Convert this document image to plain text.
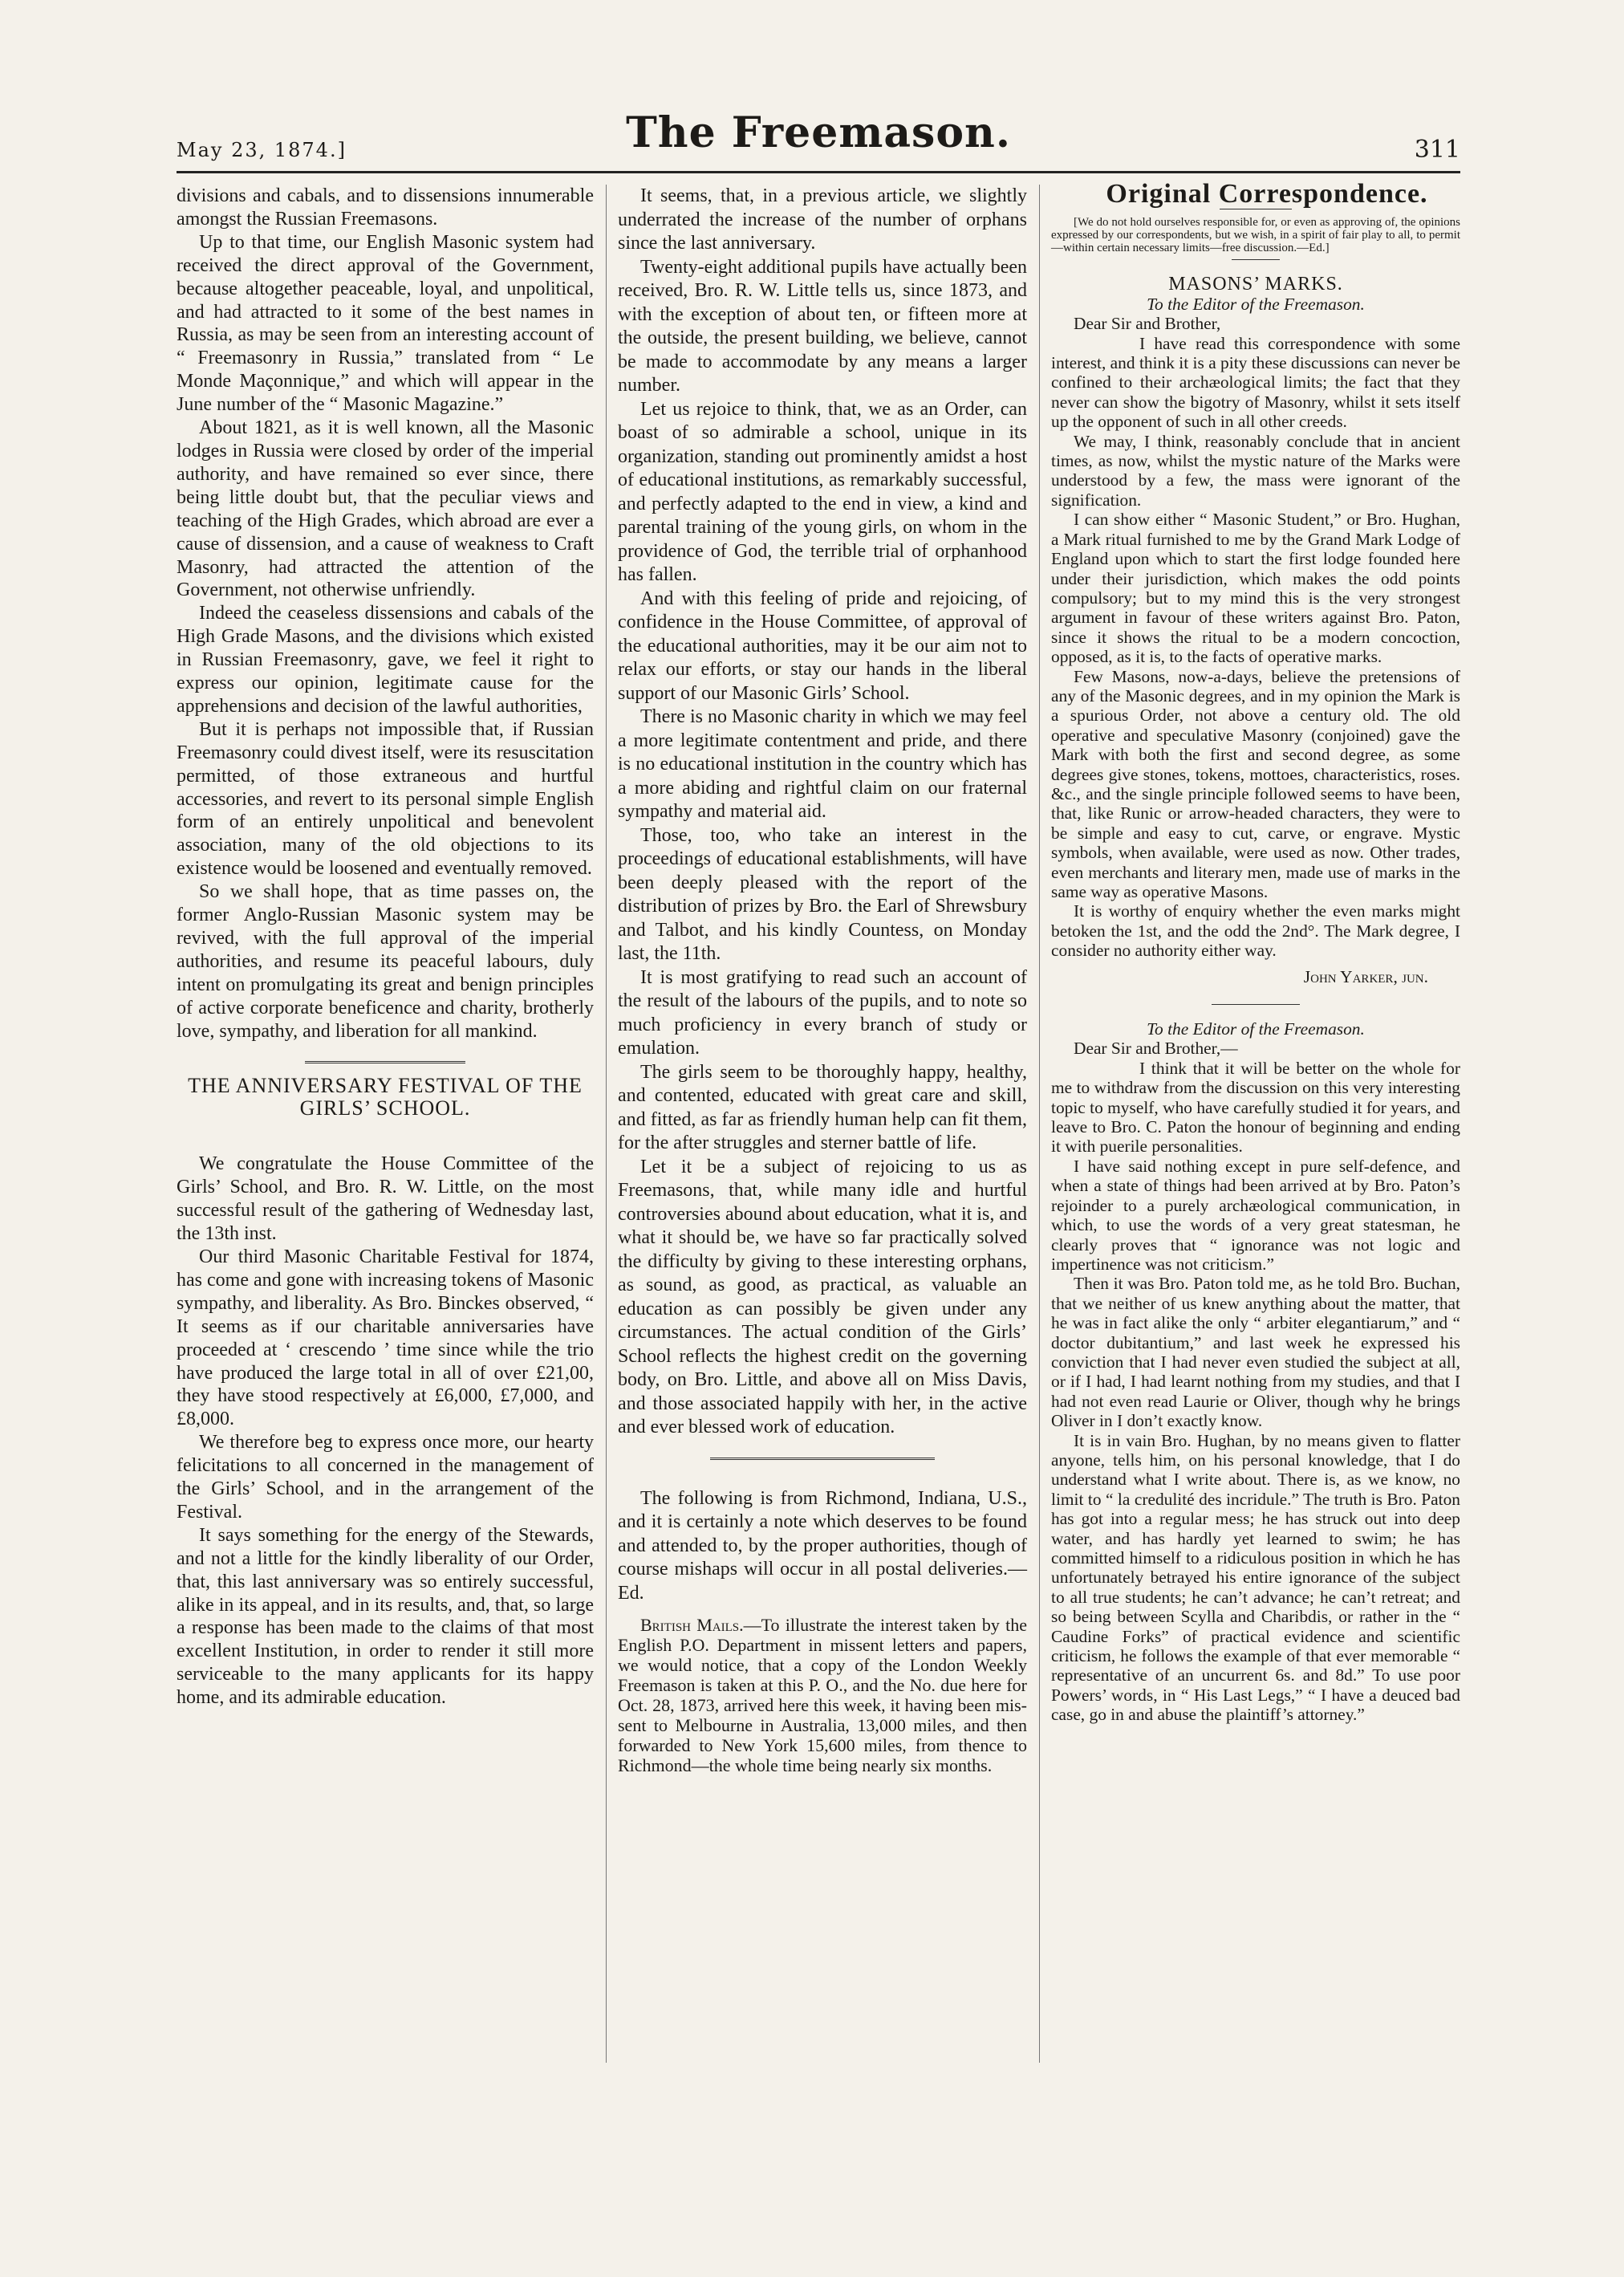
May 23, 1874.]	The Freemason.	311

divisions and cabals, and to dissensions innumerable amongst the Russian Freemasons.

Up to that time, our English Masonic system had received the direct approval of the Government, because altogether peaceable, loyal, and unpolitical, and had attracted to it some of the best names in Russia, as may be seen from an interesting account of “ Freemasonry in Russia,” translated from “ Le Monde Maçonnique,” and which will appear in the June number of the “ Masonic Magazine.”

About 1821, as it is well known, all the Masonic lodges in Russia were closed by order of the imperial authority, and have remained so ever since, there being little doubt but, that the peculiar views and teaching of the High Grades, which abroad are ever a cause of dissension, and a cause of weakness to Craft Masonry, had attracted the attention of the Government, not otherwise unfriendly.

Indeed the ceaseless dissensions and cabals of the High Grade Masons, and the divisions which existed in Russian Freemasonry, gave, we feel it right to express our opinion, legitimate cause for the apprehensions and decision of the lawful authorities,

But it is perhaps not impossible that, if Russian Freemasonry could divest itself, were its resuscitation permitted, of those extraneous and hurtful accessories, and revert to its personal simple English form of an entirely unpolitical and benevolent association, many of the old objections to its existence would be loosened and eventually removed.

So we shall hope, that as time passes on, the former Anglo-Russian Masonic system may be revived, with the full approval of the imperial authorities, and resume its peaceful labours, duly intent on promulgating its great and benign principles of active corporate beneficence and charity, brotherly love, sympathy, and liberation for all mankind.

THE ANNIVERSARY FESTIVAL OF THE GIRLS’ SCHOOL.

We congratulate the House Committee of the Girls’ School, and Bro. R. W. Little, on the most successful result of the gathering of Wednesday last, the 13th inst.

Our third Masonic Charitable Festival for 1874, has come and gone with increasing tokens of Masonic sympathy, and liberality. As Bro. Binckes observed, “ It seems as if our charitable anniversaries have proceeded at ‘ crescendo ’ time since while the trio have produced the large total in all of over £21,00, they have stood respectively at £6,000, £7,000, and £8,000.

We therefore beg to express once more, our hearty felicitations to all concerned in the management of the Girls’ School, and in the arrangement of the Festival.

It says something for the energy of the Stewards, and not a little for the kindly liberality of our Order, that, this last anniversary was so entirely successful, alike in its appeal, and in its results, and, that, so large a response has been made to the claims of that most excellent Institution, in order to render it still more serviceable to the many applicants for its happy home, and its admirable education.

It seems, that, in a previous article, we slightly underrated the increase of the number of orphans since the last anniversary.

Twenty-eight additional pupils have actually been received, Bro. R. W. Little tells us, since 1873, and with the exception of about ten, or fifteen more at the outside, the present building, we believe, cannot be made to accommodate by any means a larger number.

Let us rejoice to think, that, we as an Order, can boast of so admirable a school, unique in its organization, standing out prominently amidst a host of educational institutions, as remarkably successful, and perfectly adapted to the end in view, a kind and parental training of the young girls, on whom in the providence of God, the terrible trial of orphanhood has fallen.

And with this feeling of pride and rejoicing, of confidence in the House Committee, of approval of the educational authorities, may it be our aim not to relax our efforts, or stay our hands in the liberal support of our Masonic Girls’ School.

There is no Masonic charity in which we may feel a more legitimate contentment and pride, and there is no educational institution in the country which has a more abiding and rightful claim on our fraternal sympathy and material aid.

Those, too, who take an interest in the proceedings of educational establishments, will have been deeply pleased with the report of the distribution of prizes by Bro. the Earl of Shrewsbury and Talbot, and his kindly Countess, on Monday last, the 11th.

It is most gratifying to read such an account of the result of the labours of the pupils, and to note so much proficiency in every branch of study or emulation.

The girls seem to be thoroughly happy, healthy, and contented, educated with great care and skill, and fitted, as far as friendly human help can fit them, for the after struggles and sterner battle of life.

Let it be a subject of rejoicing to us as Freemasons, that, while many idle and hurtful controversies abound about education, what it is, and what it should be, we have so far practically solved the difficulty by giving to these interesting orphans, as sound, as good, as practical, as valuable an education as can possibly be given under any circumstances. The actual condition of the Girls’ School reflects the highest credit on the governing body, on Bro. Little, and above all on Miss Davis, and those associated happily with her, in the active and ever blessed work of education.

The following is from Richmond, Indiana, U.S., and it is certainly a note which deserves to be found and attended to, by the proper authorities, though of course mishaps will occur in all postal deliveries.—Ed.

British Mails.—To illustrate the interest taken by the English P.O. Department in missent letters and papers, we would notice, that a copy of the London Weekly Freemason is taken at this P. O., and the No. due here for Oct. 28, 1873, arrived here this week, it having been mis-sent to Melbourne in Australia, 13,000 miles, and then forwarded to New York 15,600 miles, from thence to Richmond—the whole time being nearly six months.

Original Correspondence.

[We do not hold ourselves responsible for, or even as approving of, the opinions expressed by our correspondents, but we wish, in a spirit of fair play to all, to permit—within certain necessary limits—free discussion.—Ed.]

MASONS’ MARKS.

To the Editor of the Freemason.

Dear Sir and Brother,

I have read this correspondence with some interest, and think it is a pity these discussions can never be confined to their archæological limits; the fact that they never can show the bigotry of Masonry, whilst it sets itself up the opponent of such in all other creeds.

We may, I think, reasonably conclude that in ancient times, as now, whilst the mystic nature of the Marks were understood by a few, the mass were ignorant of the signification.

I can show either “ Masonic Student,” or Bro. Hughan, a Mark ritual furnished to me by the Grand Mark Lodge of England upon which to start the first lodge founded here under their jurisdiction, which makes the odd points compulsory; but to my mind this is the very strongest argument in favour of these writers against Bro. Paton, since it shows the ritual to be a modern concoction, opposed, as it is, to the facts of operative marks.

Few Masons, now-a-days, believe the pretensions of any of the Masonic degrees, and in my opinion the Mark is a spurious Order, not above a century old. The old operative and speculative Masonry (conjoined) gave the Mark with both the first and second degree, as some degrees give stones, tokens, mottoes, characteristics, roses. &c., and the single principle followed seems to have been, that, like Runic or arrow-headed characters, they were to be simple and easy to cut, carve, or engrave. Mystic symbols, when available, were used as now. Other trades, even merchants and literary men, made use of marks in the same way as operative Masons.

It is worthy of enquiry whether the even marks might betoken the 1st, and the odd the 2nd°. The Mark degree, I consider no authority either way.

John Yarker, jun.

To the Editor of the Freemason.

Dear Sir and Brother,—

I think that it will be better on the whole for me to withdraw from the discussion on this very interesting topic to myself, who have carefully studied it for years, and leave to Bro. C. Paton the honour of beginning and ending it with puerile personalities.

I have said nothing except in pure self-defence, and when a state of things had been arrived at by Bro. Paton’s rejoinder to a purely archæological communication, in which, to use the words of a very great statesman, he clearly proves that “ ignorance was not logic and impertinence was not criticism.”

Then it was Bro. Paton told me, as he told Bro. Buchan, that we neither of us knew anything about the matter, that he was in fact alike the only “ arbiter elegantiarum,” and “ doctor dubitantium,” and last week he expressed his conviction that I had never even studied the subject at all, or if I had, I had learnt nothing from my studies, and that I had not even read Laurie or Oliver, though why he brings Oliver in I don’t exactly know.

It is in vain Bro. Hughan, by no means given to flatter anyone, tells him, on his personal knowledge, that I do understand what I write about. There is, as we know, no limit to “ la credulité des incridule.” The truth is Bro. Paton has got into a regular mess; he has struck out into deep water, and has hardly yet learned to swim; he has committed himself to a ridiculous position in which he has unfortunately betrayed his entire ignorance of the subject to all true students; he can’t advance; he can’t retreat; and so being between Scylla and Charibdis, or rather in the “ Caudine Forks” of practical evidence and scientific criticism, he follows the example of that ever memorable “ representative of an uncurrent 6s. and 8d.” To use poor Powers’ words, in “ His Last Legs,” “ I have a deuced bad case, go in and abuse the plaintiff’s attorney.”
